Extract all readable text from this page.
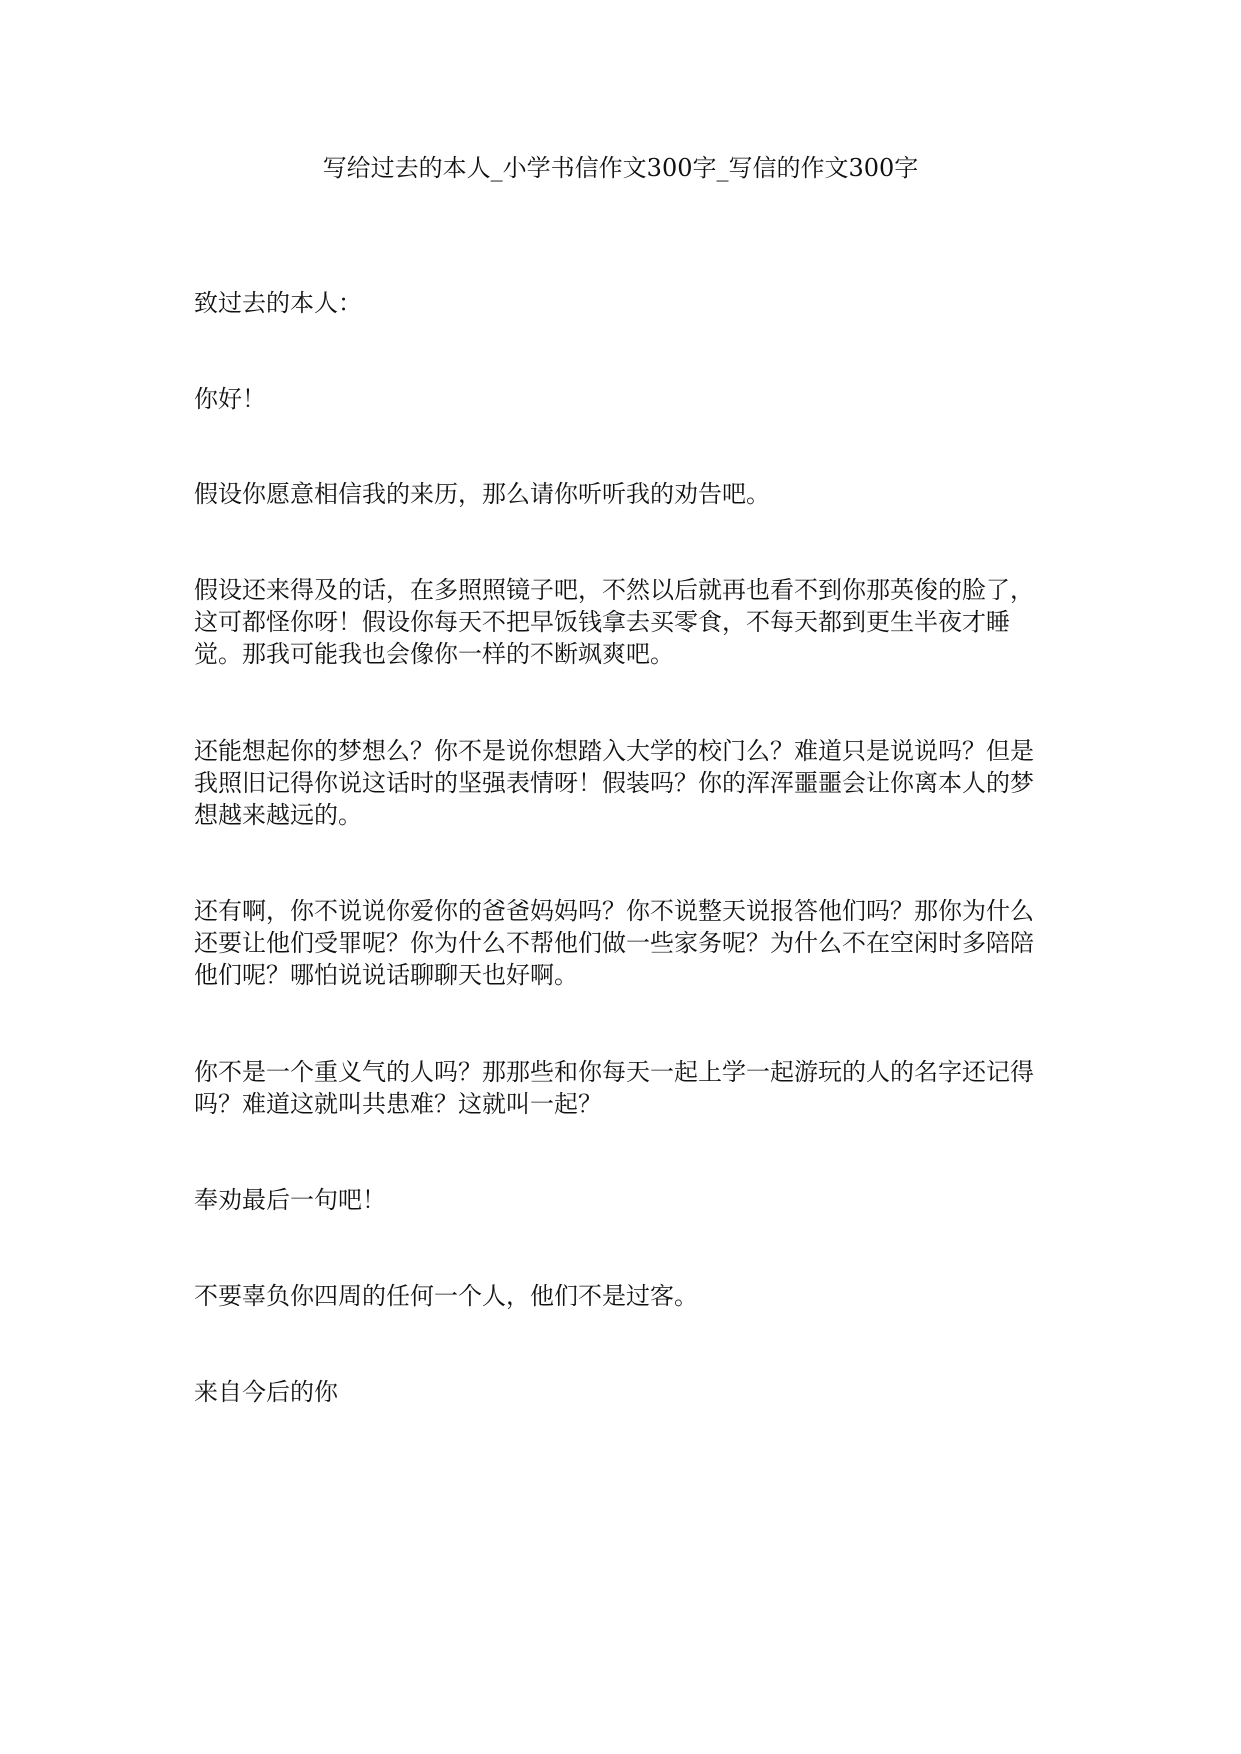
写给过去的本人_小学书信作文300字_写信的作文300字
致过去的本人：
你好！
假设你愿意相信我的来历，那么请你听听我的劝告吧。
假设还来得及的话，在多照照镜子吧，不然以后就再也看不到你那英俊的脸了，这可都怪你呀！假设你每天不把早饭钱拿去买零食，不每天都到更生半夜才睡觉。那我可能我也会像你一样的不断飒爽吧。
还能想起你的梦想么？你不是说你想踏入大学的校门么？难道只是说说吗？但是我照旧记得你说这话时的坚强表情呀！假装吗？你的浑浑噩噩会让你离本人的梦想越来越远的。
还有啊，你不说说你爱你的爸爸妈妈吗？你不说整天说报答他们吗？那你为什么还要让他们受罪呢？你为什么不帮他们做一些家务呢？为什么不在空闲时多陪陪他们呢？哪怕说说话聊聊天也好啊。
你不是一个重义气的人吗？那那些和你每天一起上学一起游玩的人的名字还记得吗？难道这就叫共患难？这就叫一起？
奉劝最后一句吧！
不要辜负你四周的任何一个人，他们不是过客。
来自今后的你
